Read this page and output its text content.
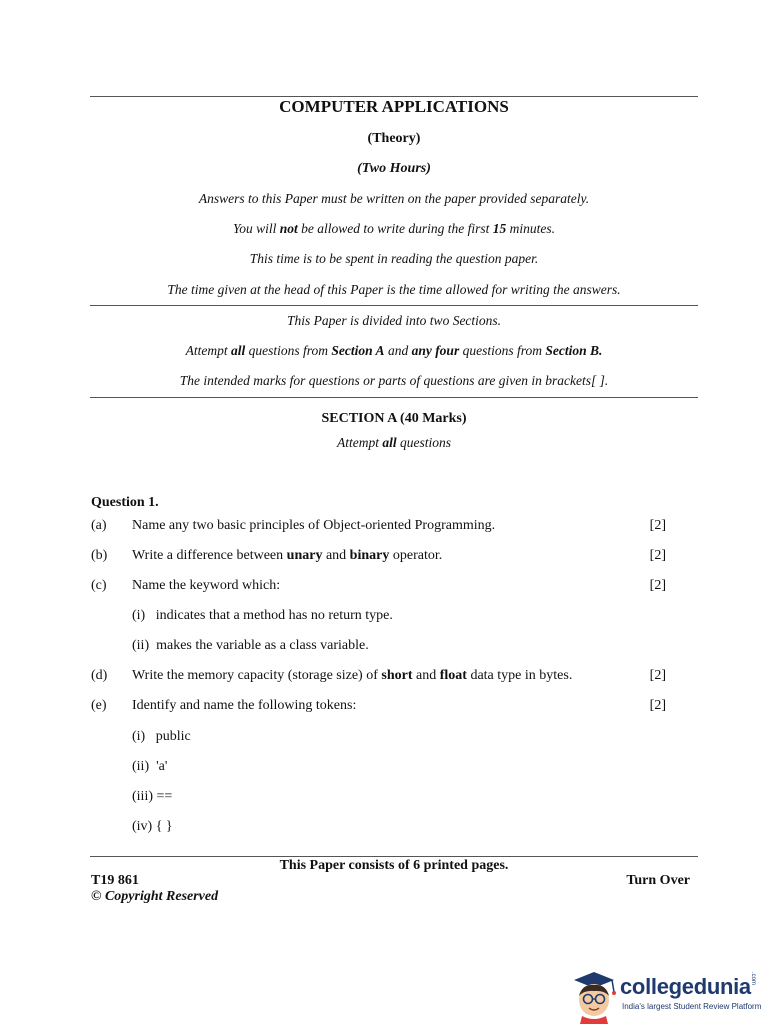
COMPUTER APPLICATIONS
(Theory)
(Two Hours)
Answers to this Paper must be written on the paper provided separately.
You will not be allowed to write during the first 15 minutes.
This time is to be spent in reading the question paper.
The time given at the head of this Paper is the time allowed for writing the answers.
This Paper is divided into two Sections.
Attempt all questions from Section A and any four questions from Section B.
The intended marks for questions or parts of questions are given in brackets[ ].
SECTION A (40 Marks)
Attempt all questions
Question 1.
(a) Name any two basic principles of Object-oriented Programming.	[2]
(b) Write a difference between unary and binary operator.	[2]
(c) Name the keyword which:	[2]
(i)   indicates that a method has no return type.
(ii)  makes the variable as a class variable.
(d) Write the memory capacity (storage size) of short and float data type in bytes.	[2]
(e) Identify and name the following tokens:	[2]
(i)   public
(ii)  'a'
(iii) ==
(iv) { }
This Paper consists of 6 printed pages.
T19 861	Turn Over
© Copyright Reserved
collegedunia
India's largest Student Review Platform
.com
